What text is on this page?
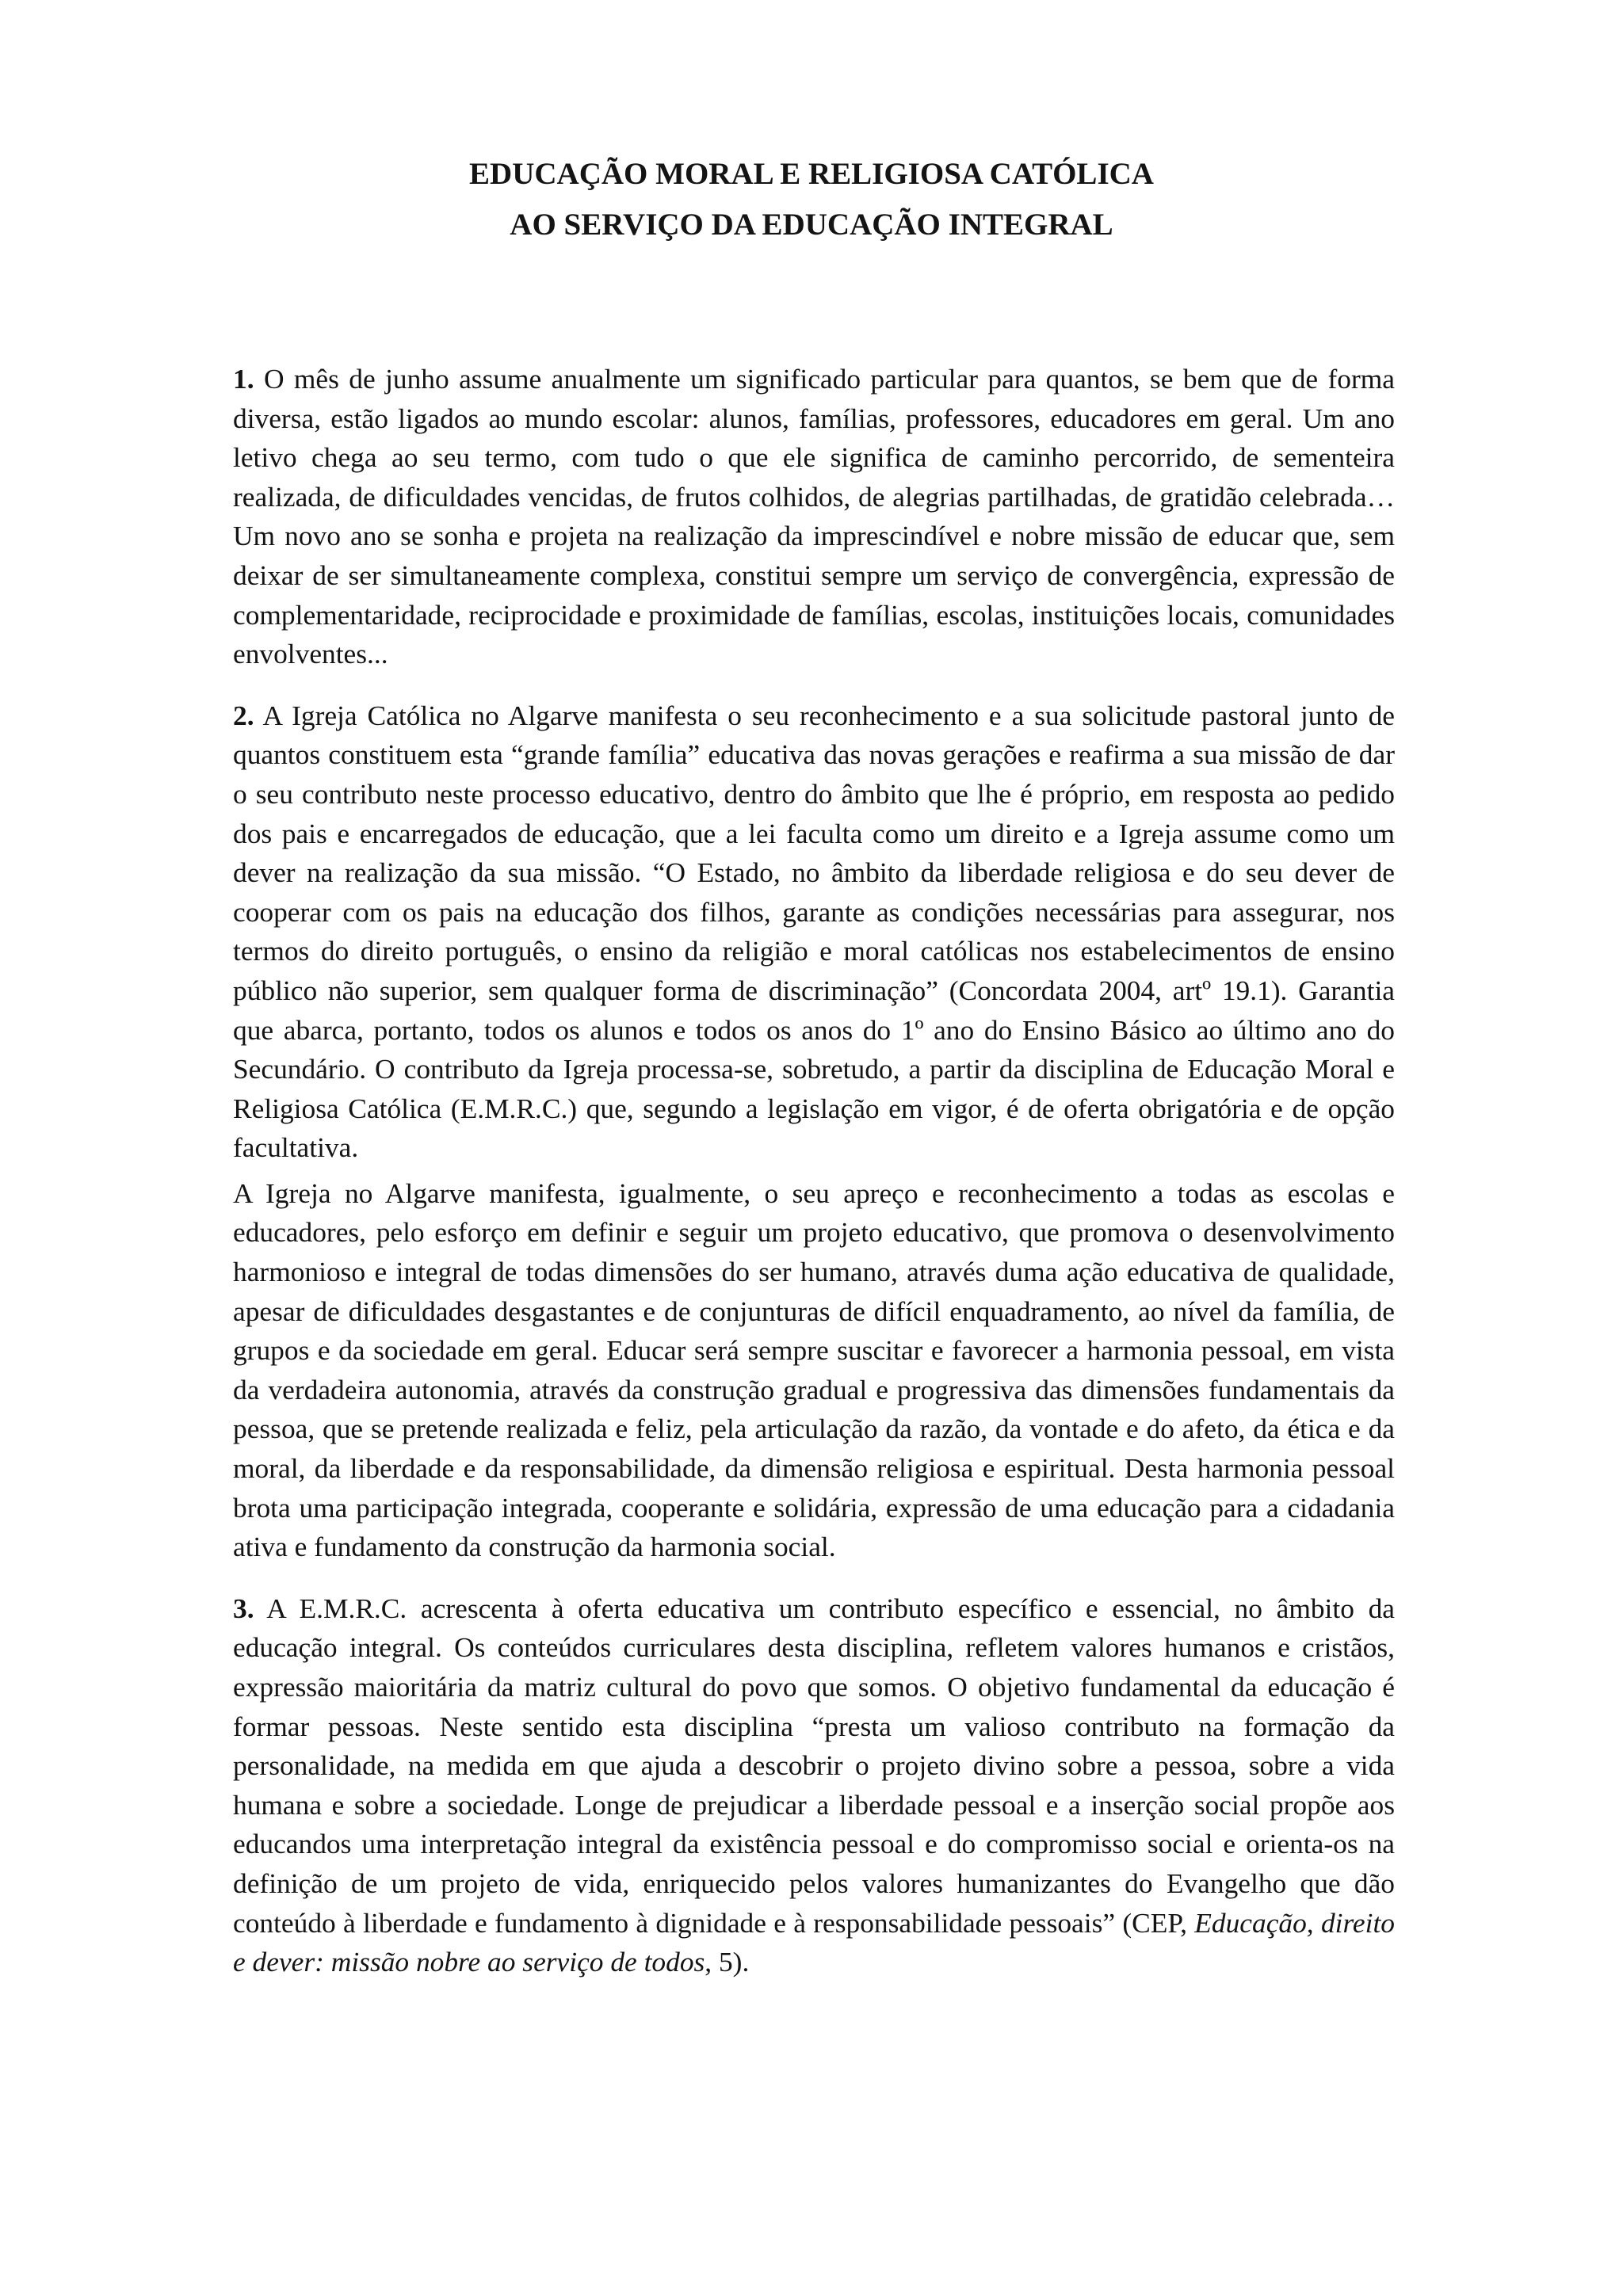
EDUCAÇÃO MORAL E RELIGIOSA CATÓLICA
AO SERVIÇO DA EDUCAÇÃO INTEGRAL

1. O mês de junho assume anualmente um significado particular para quantos, se bem que de forma diversa, estão ligados ao mundo escolar: alunos, famílias, professores, educadores em geral. Um ano letivo chega ao seu termo, com tudo o que ele significa de caminho percorrido, de sementeira realizada, de dificuldades vencidas, de frutos colhidos, de alegrias partilhadas, de gratidão celebrada… Um novo ano se sonha e projeta na realização da imprescindível e nobre missão de educar que, sem deixar de ser simultaneamente complexa, constitui sempre um serviço de convergência, expressão de complementaridade, reciprocidade e proximidade de famílias, escolas, instituições locais, comunidades envolventes...

2. A Igreja Católica no Algarve manifesta o seu reconhecimento e a sua solicitude pastoral junto de quantos constituem esta “grande família” educativa das novas gerações e reafirma a sua missão de dar o seu contributo neste processo educativo, dentro do âmbito que lhe é próprio, em resposta ao pedido dos pais e encarregados de educação, que a lei faculta como um direito e a Igreja assume como um dever na realização da sua missão. “O Estado, no âmbito da liberdade religiosa e do seu dever de cooperar com os pais na educação dos filhos, garante as condições necessárias para assegurar, nos termos do direito português, o ensino da religião e moral católicas nos estabelecimentos de ensino público não superior, sem qualquer forma de discriminação” (Concordata 2004, artº 19.1). Garantia que abarca, portanto, todos os alunos e todos os anos do 1º ano do Ensino Básico ao último ano do Secundário. O contributo da Igreja processa-se, sobretudo, a partir da disciplina de Educação Moral e Religiosa Católica (E.M.R.C.) que, segundo a legislação em vigor, é de oferta obrigatória e de opção facultativa.

A Igreja no Algarve manifesta, igualmente, o seu apreço e reconhecimento a todas as escolas e educadores, pelo esforço em definir e seguir um projeto educativo, que promova o desenvolvimento harmonioso e integral de todas dimensões do ser humano, através duma ação educativa de qualidade, apesar de dificuldades desgastantes e de conjunturas de difícil enquadramento, ao nível da família, de grupos e da sociedade em geral. Educar será sempre suscitar e favorecer a harmonia pessoal, em vista da verdadeira autonomia, através da construção gradual e progressiva das dimensões fundamentais da pessoa, que se pretende realizada e feliz, pela articulação da razão, da vontade e do afeto, da ética e da moral, da liberdade e da responsabilidade, da dimensão religiosa e espiritual. Desta harmonia pessoal brota uma participação integrada, cooperante e solidária, expressão de uma educação para a cidadania ativa e fundamento da construção da harmonia social.

3. A E.M.R.C. acrescenta à oferta educativa um contributo específico e essencial, no âmbito da educação integral. Os conteúdos curriculares desta disciplina, refletem valores humanos e cristãos, expressão maioritária da matriz cultural do povo que somos. O objetivo fundamental da educação é formar pessoas. Neste sentido esta disciplina “presta um valioso contributo na formação da personalidade, na medida em que ajuda a descobrir o projeto divino sobre a pessoa, sobre a vida humana e sobre a sociedade. Longe de prejudicar a liberdade pessoal e a inserção social propõe aos educandos uma interpretação integral da existência pessoal e do compromisso social e orienta-os na definição de um projeto de vida, enriquecido pelos valores humanizantes do Evangelho que dão conteúdo à liberdade e fundamento à dignidade e à responsabilidade pessoais” (CEP, Educação, direito e dever: missão nobre ao serviço de todos, 5).
